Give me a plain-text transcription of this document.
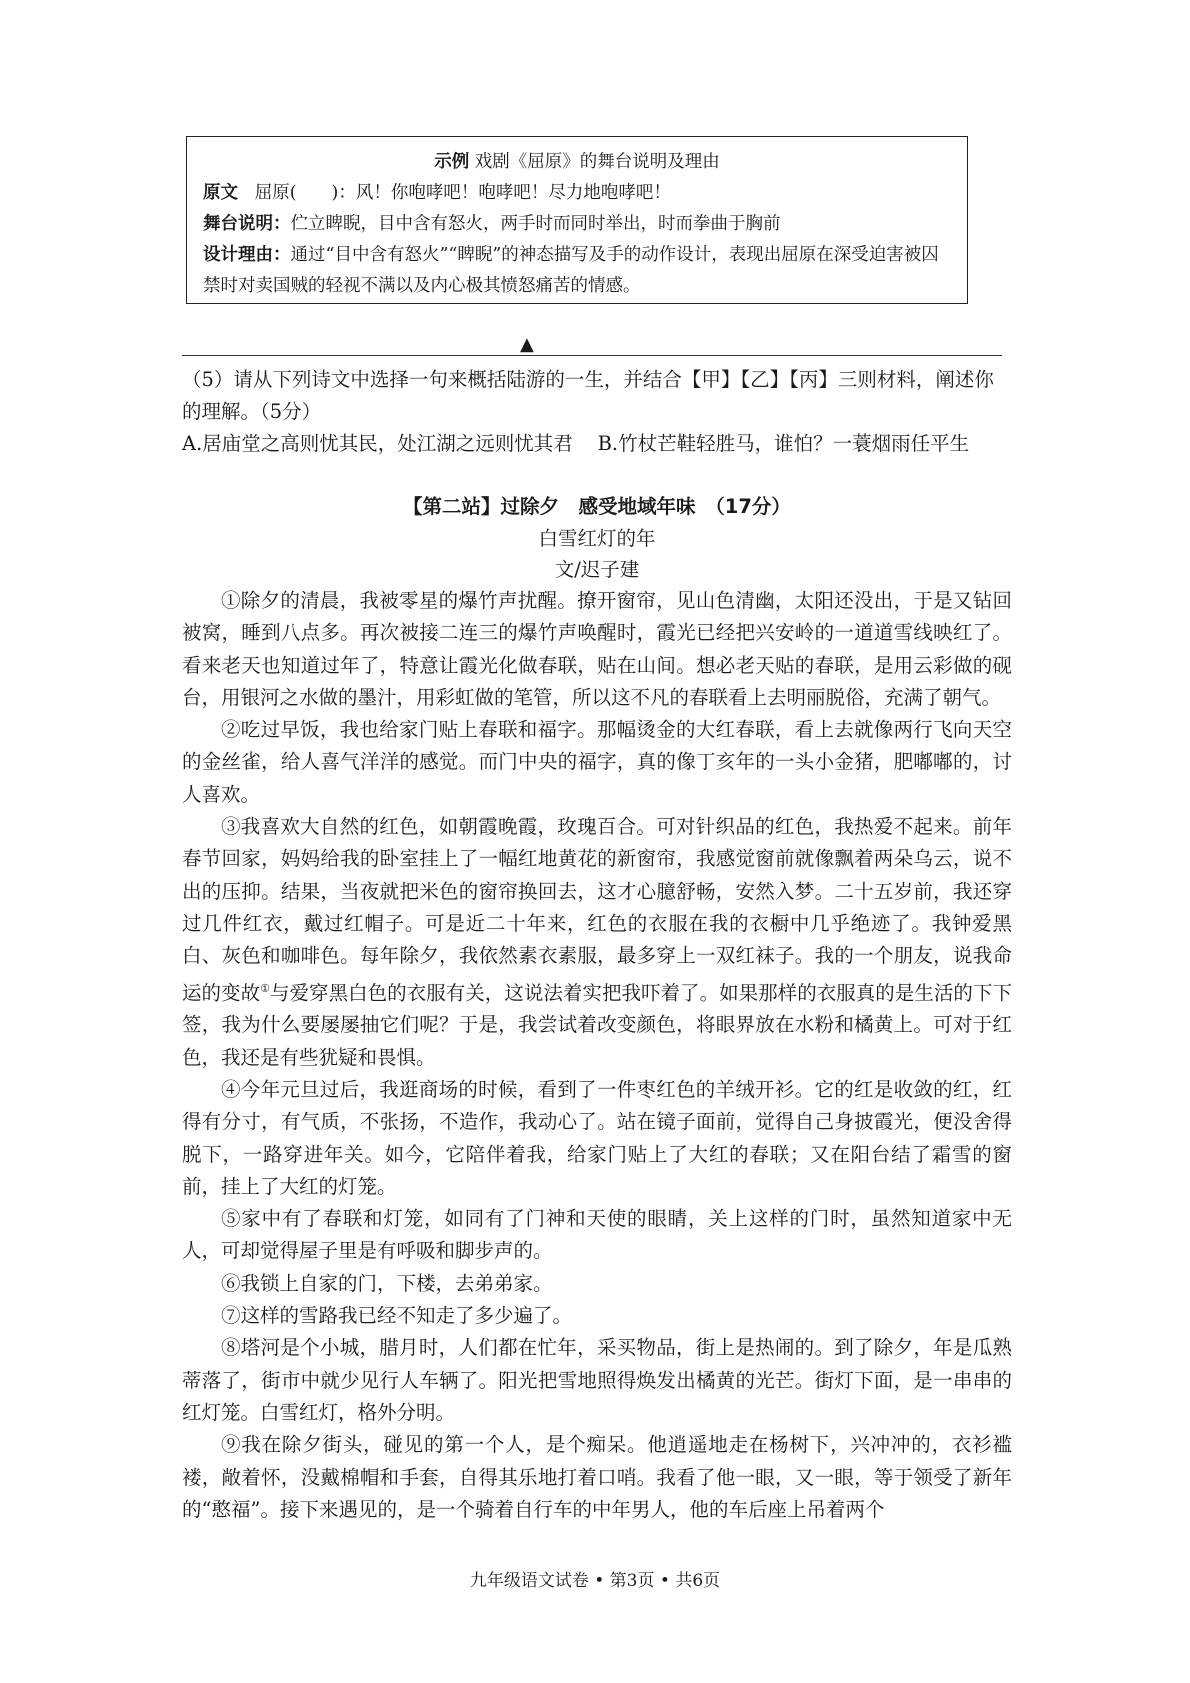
示例 戏剧《屈原》的舞台说明及理由
原文 屈原(　　)：风！你咆哮吧！咆哮吧！尽力地咆哮吧！
舞台说明：伫立睥睨，目中含有怒火，两手时而同时举出，时而拳曲于胸前
设计理由：通过“目中含有怒火”“睥睨”的神态描写及手的动作设计，表现出屈原在深受迫害被囚禁时对卖国贼的轻视不满以及内心极其愤怒痛苦的情感。
▲
（5）请从下列诗文中选择一句来概括陆游的一生，并结合【甲】【乙】【丙】三则材料，阐述你的理解。（5分）
A.居庙堂之高则忧其民，处江湖之远则忧其君 B.竹杖芒鞋轻胜马，谁怕？一蓑烟雨任平生
【第二站】过除夕　感受地域年味　（17分）
白雪红灯的年
文/迟子建

①除夕的清晨，我被零星的爆竹声扰醒。撩开窗帘，见山色清幽，太阳还没出，于是又钻回被窝，睡到八点多。再次被接二连三的爆竹声唤醒时，霞光已经把兴安岭的一道道雪线映红了。看来老天也知道过年了，特意让霞光化做春联，贴在山间。想必老天贴的春联，是用云彩做的砚台，用银河之水做的墨汁，用彩虹做的笔管，所以这不凡的春联看上去明丽脱俗，充满了朝气。

②吃过早饭，我也给家门贴上春联和福字。那幅烫金的大红春联，看上去就像两行飞向天空的金丝雀，给人喜气洋洋的感觉。而门中央的福字，真的像丁亥年的一头小金猪，肥嘟嘟的，讨人喜欢。

③我喜欢大自然的红色，如朝霞晚霞，玫瑰百合。可对针织品的红色，我热爱不起来。前年春节回家，妈妈给我的卧室挂上了一幅红地黄花的新窗帘，我感觉窗前就像飘着两朵乌云，说不出的压抑。结果，当夜就把米色的窗帘换回去，这才心臆舒畅，安然入梦。二十五岁前，我还穿过几件红衣，戴过红帽子。可是近二十年来，红色的衣服在我的衣橱中几乎绝迹了。我钟爱黑白、灰色和咖啡色。每年除夕，我依然素衣素服，最多穿上一双红袜子。我的一个朋友，说我命运的变故①与爱穿黑白色的衣服有关，这说法着实把我吓着了。如果那样的衣服真的是生活的下下签，我为什么要屡屡抽它们呢？于是，我尝试着改变颜色，将眼界放在水粉和橘黄上。可对于红色，我还是有些犹疑和畏惧。

④今年元旦过后，我逛商场的时候，看到了一件枣红色的羊绒开衫。它的红是收敛的红，红得有分寸，有气质，不张扬，不造作，我动心了。站在镜子面前，觉得自己身披霞光，便没舍得脱下，一路穿进年关。如今，它陪伴着我，给家门贴上了大红的春联；又在阳台结了霜雪的窗前，挂上了大红的灯笼。

⑤家中有了春联和灯笼，如同有了门神和天使的眼睛，关上这样的门时，虽然知道家中无人，可却觉得屋子里是有呼吸和脚步声的。

⑥我锁上自家的门，下楼，去弟弟家。

⑦这样的雪路我已经不知走了多少遍了。

⑧塔河是个小城，腊月时，人们都在忙年，采买物品，街上是热闹的。到了除夕，年是瓜熟蒂落了，街市中就少见行人车辆了。阳光把雪地照得焕发出橘黄的光芒。街灯下面，是一串串的红灯笼。白雪红灯，格外分明。

⑨我在除夕街头，碰见的第一个人，是个痴呆。他逍遥地走在杨树下，兴冲冲的，衣衫褴褛，敞着怀，没戴棉帽和手套，自得其乐地打着口哨。我看了他一眼，又一眼，等于领受了新年的“憨福”。接下来遇见的，是一个骑着自行车的中年男人，他的车后座上吊着两个

九年级语文试卷 • 第3页 • 共6页
